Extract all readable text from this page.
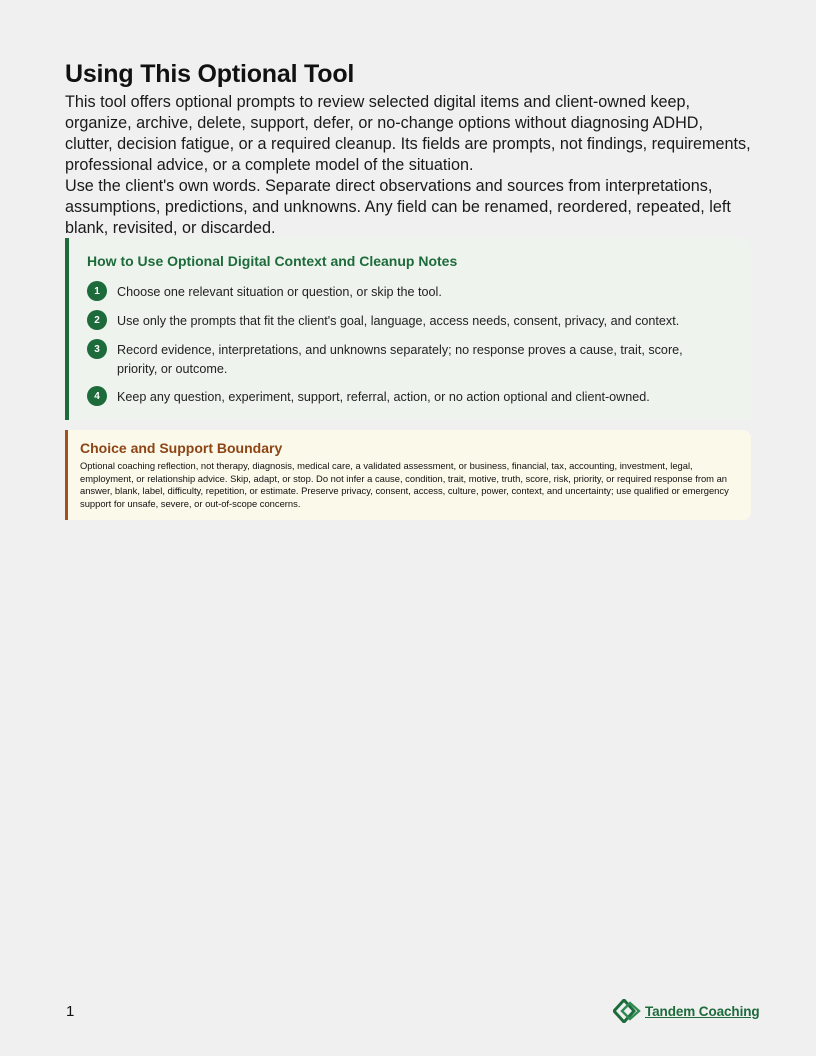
Using This Optional Tool

This tool offers optional prompts to review selected digital items and client-owned keep, organize, archive, delete, support, defer, or no-change options without diagnosing ADHD, clutter, decision fatigue, or a required cleanup. Its fields are prompts, not findings, requirements, professional advice, or a complete model of the situation.

Use the client's own words. Separate direct observations and sources from interpretations, assumptions, predictions, and unknowns. Any field can be renamed, reordered, repeated, left blank, revisited, or discarded.

How to Use Optional Digital Context and Cleanup Notes
1	Choose one relevant situation or question, or skip the tool.
2	Use only the prompts that fit the client's goal, language, access needs, consent, privacy, and context.
3	Record evidence, interpretations, and unknowns separately; no response proves a cause, trait, score, priority, or outcome.
4	Keep any question, experiment, support, referral, action, or no action optional and client-owned.
Choice and Support Boundary
Optional coaching reflection, not therapy, diagnosis, medical care, a validated assessment, or business, financial, tax, accounting, investment, legal, employment, or relationship advice. Skip, adapt, or stop. Do not infer a cause, condition, trait, motive, truth, score, risk, priority, or required response from an answer, blank, label, difficulty, repetition, or estimate. Preserve privacy, consent, access, culture, power, context, and uncertainty; use qualified or emergency support for unsafe, severe, or out-of-scope concerns.
1	Tandem Coaching
